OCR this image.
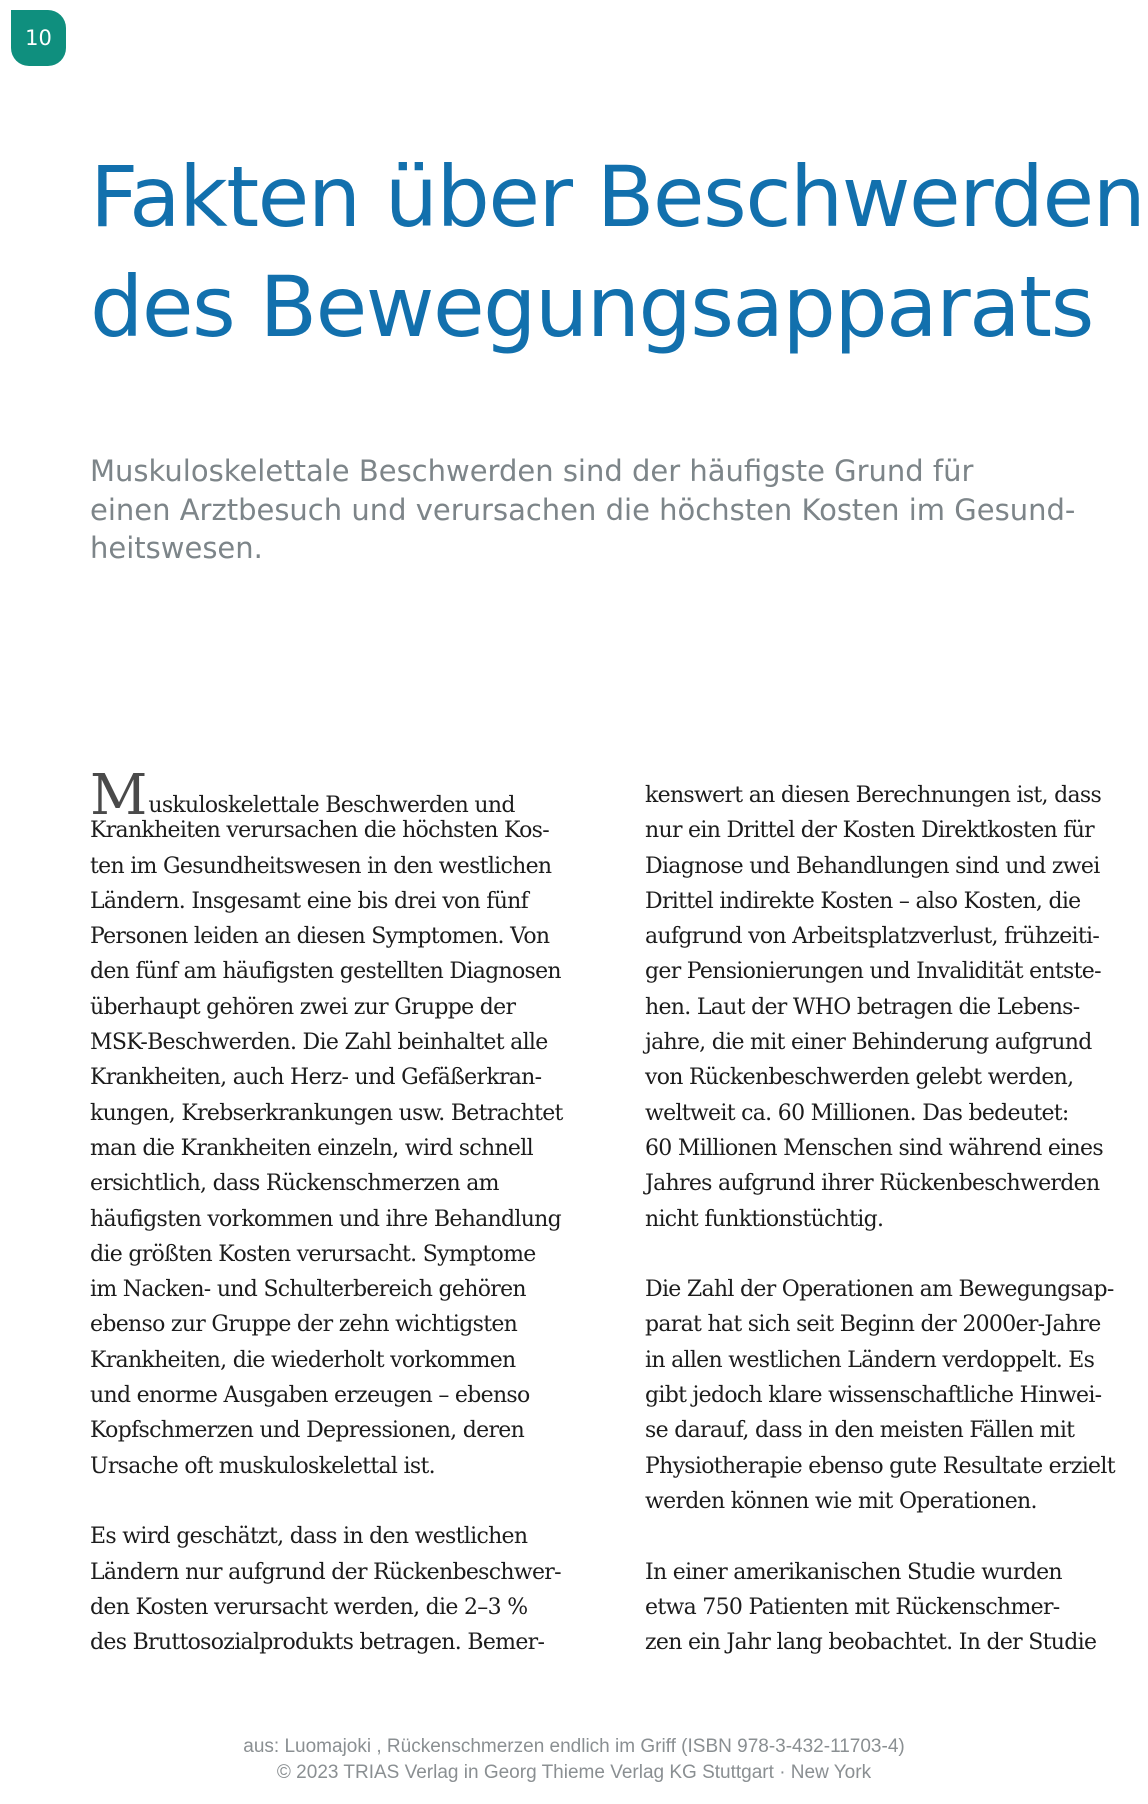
10
Fakten über Beschwerden
des Bewegungsapparats

Muskuloskelettale Beschwerden sind der häufigste Grund für
einen Arztbesuch und verursachen die höchsten Kosten im Gesund-
heitswesen.

Muskuloskelettale Beschwerden und
Krankheiten verursachen die höchsten Kos-
ten im Gesundheitswesen in den westlichen
Ländern. Insgesamt eine bis drei von fünf
Personen leiden an diesen Symptomen. Von
den fünf am häufigsten gestellten Diagnosen
überhaupt gehören zwei zur Gruppe der
MSK-Beschwerden. Die Zahl beinhaltet alle
Krankheiten, auch Herz- und Gefäßerkran-
kungen, Krebserkrankungen usw. Betrachtet
man die Krankheiten einzeln, wird schnell
ersichtlich, dass Rückenschmerzen am
häufigsten vorkommen und ihre Behandlung
die größten Kosten verursacht. Symptome
im Nacken- und Schulterbereich gehören
ebenso zur Gruppe der zehn wichtigsten
Krankheiten, die wiederholt vorkommen
und enorme Ausgaben erzeugen – ebenso
Kopfschmerzen und Depressionen, deren
Ursache oft muskuloskelettal ist.
Es wird geschätzt, dass in den westlichen
Ländern nur aufgrund der Rückenbeschwer-
den Kosten verursacht werden, die 2–3 %
des Bruttosozialprodukts betragen. Bemer-
kenswert an diesen Berechnungen ist, dass
nur ein Drittel der Kosten Direktkosten für
Diagnose und Behandlungen sind und zwei
Drittel indirekte Kosten – also Kosten, die
aufgrund von Arbeitsplatzverlust, frühzeiti-
ger Pensionierungen und Invalidität entste-
hen. Laut der WHO betragen die Lebens-
jahre, die mit einer Behinderung aufgrund
von Rückenbeschwerden gelebt werden,
weltweit ca. 60 Millionen. Das bedeutet:
60 Millionen Menschen sind während eines
Jahres aufgrund ihrer Rückenbeschwerden
nicht funktionstüchtig.
Die Zahl der Operationen am Bewegungsap-
parat hat sich seit Beginn der 2000er-Jahre
in allen westlichen Ländern verdoppelt. Es
gibt jedoch klare wissenschaftliche Hinwei-
se darauf, dass in den meisten Fällen mit
Physiotherapie ebenso gute Resultate erzielt
werden können wie mit Operationen.
In einer amerikanischen Studie wurden
etwa 750 Patienten mit Rückenschmer-
zen ein Jahr lang beobachtet. In der Studie
aus: Luomajoki , Rückenschmerzen endlich im Griff (ISBN 978-3-432-11703-4)
© 2023 TRIAS Verlag in Georg Thieme Verlag KG Stuttgart · New York
